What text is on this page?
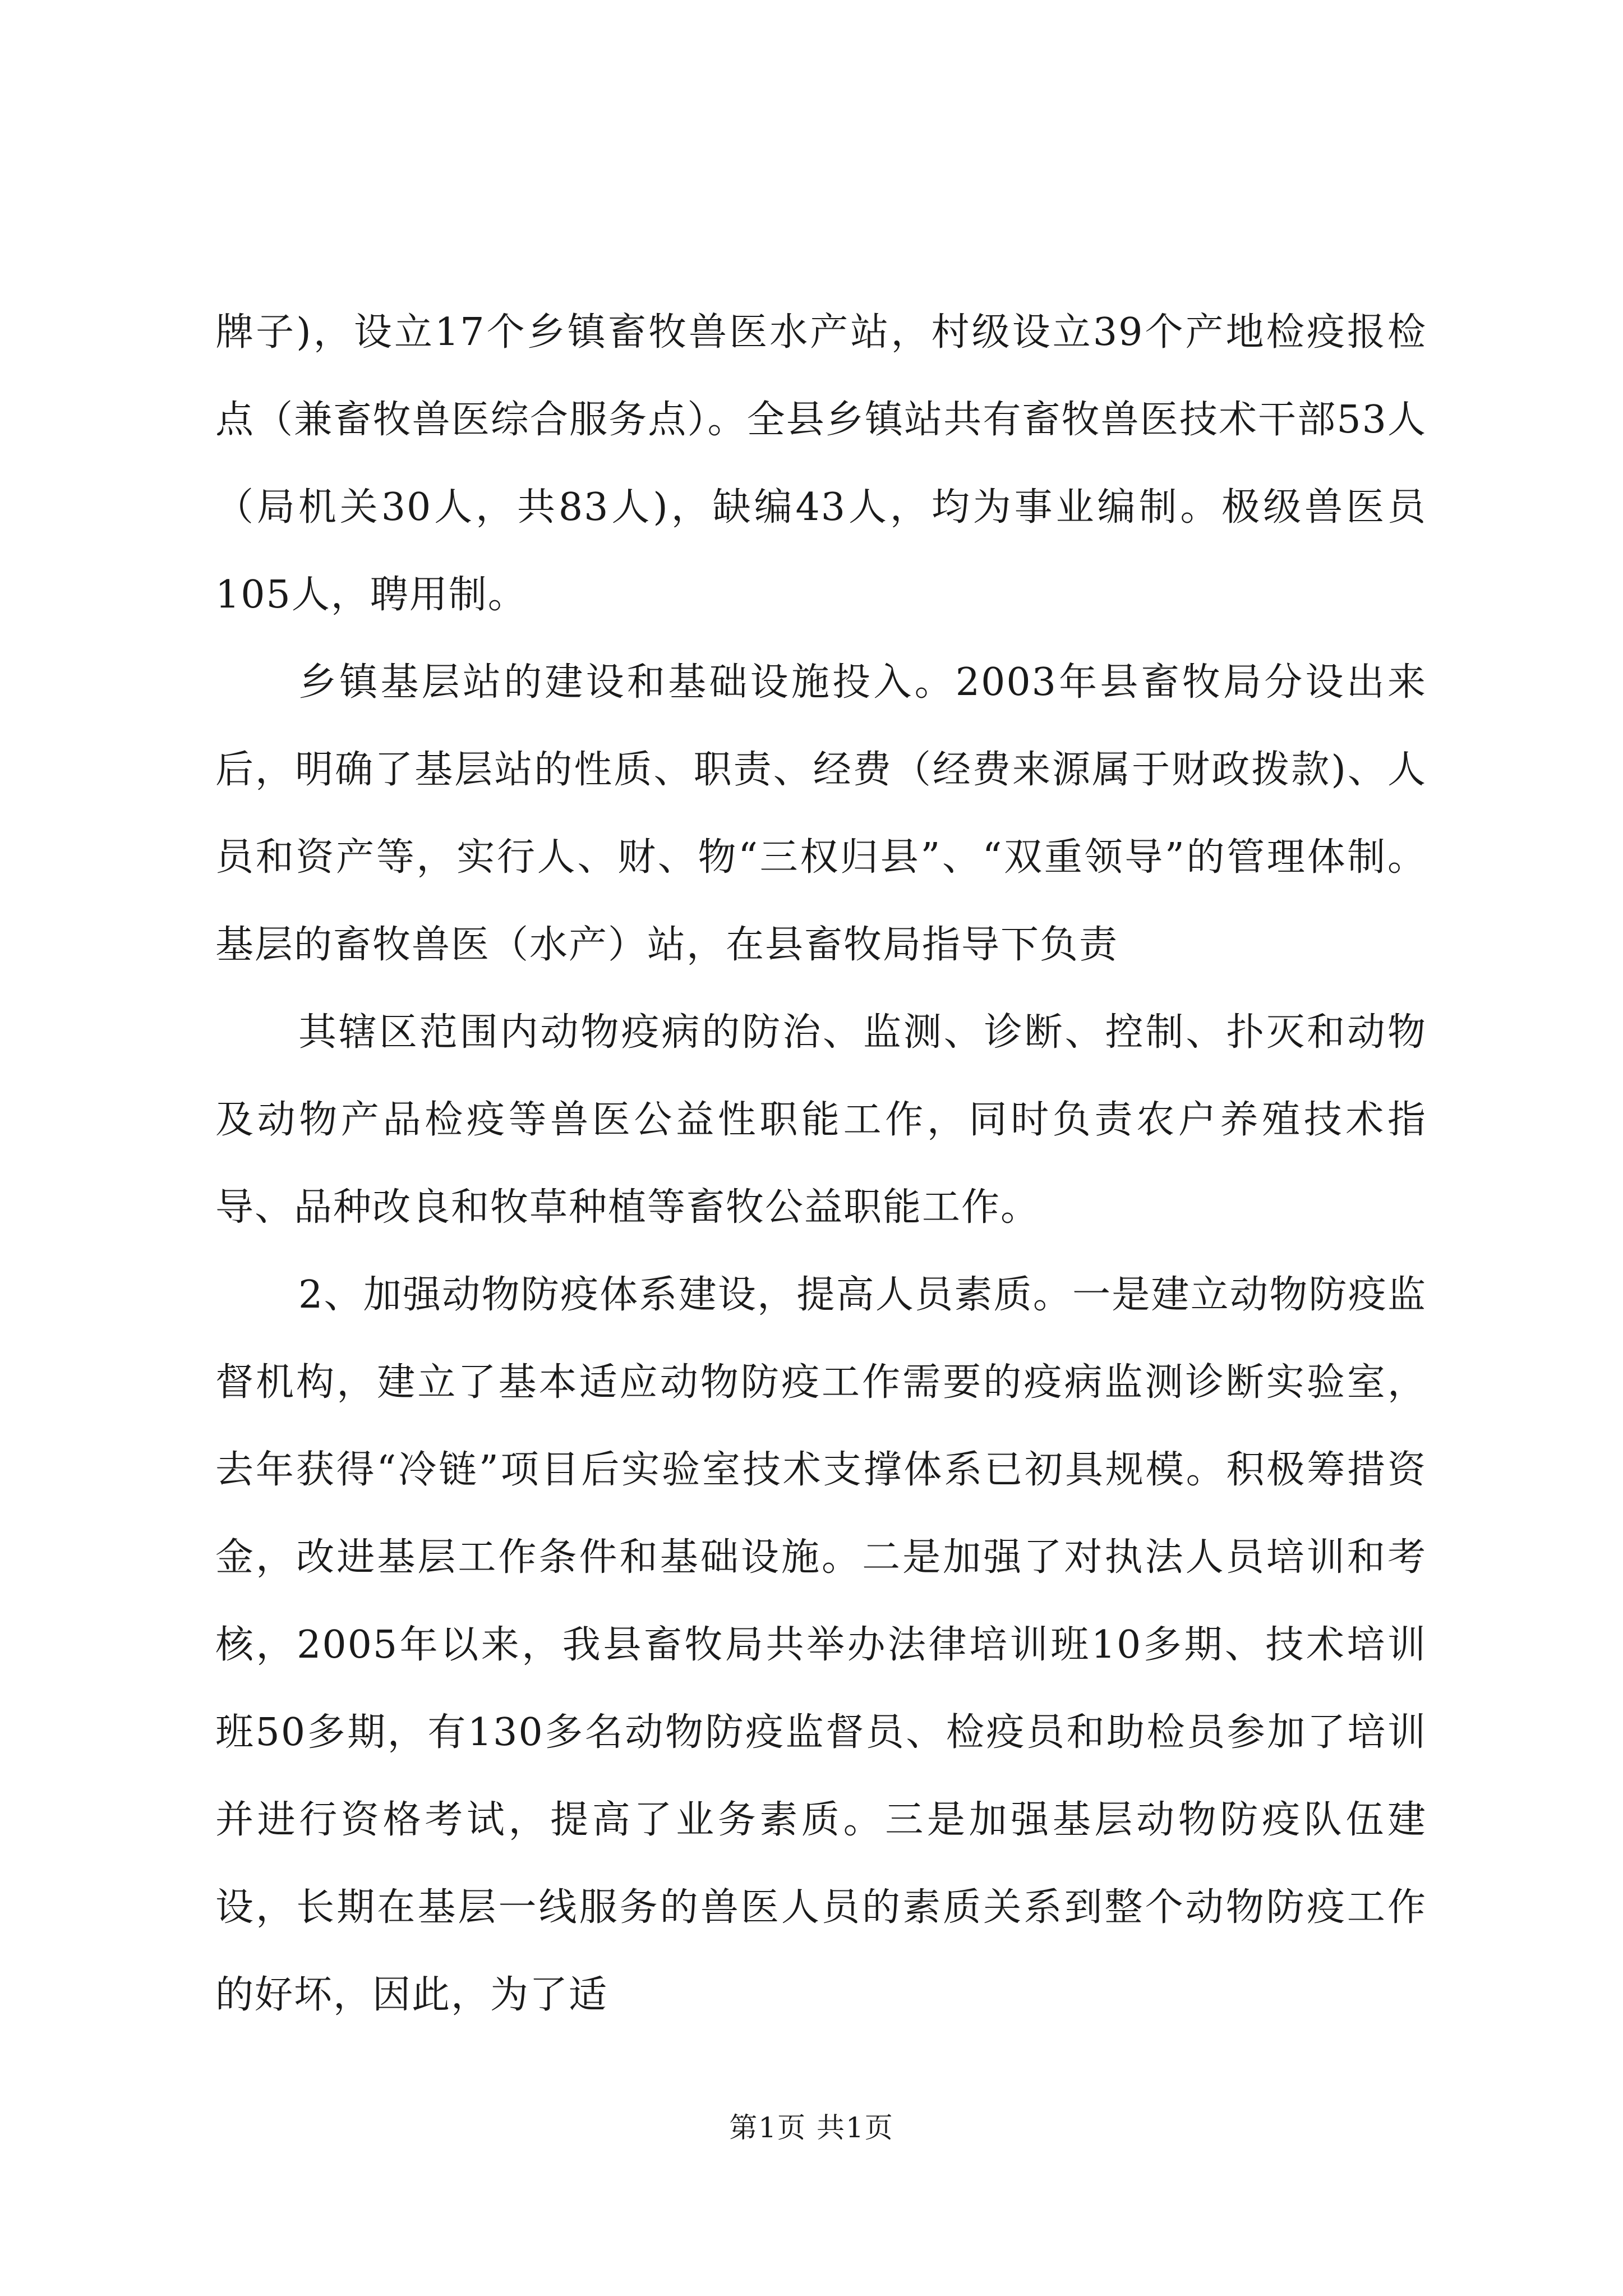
牌子)，设立17个乡镇畜牧兽医水产站，村级设立39个产地检疫报检点（兼畜牧兽医综合服务点）。全县乡镇站共有畜牧兽医技术干部53人（局机关30人，共83人)，缺编43人，均为事业编制。极级兽医员105人，聘用制。

乡镇基层站的建设和基础设施投入。2003年县畜牧局分设出来后，明确了基层站的性质、职责、经费（经费来源属于财政拨款)、人员和资产等，实行人、财、物“三权归县”、“双重领导”的管理体制。基层的畜牧兽医（水产）站，在县畜牧局指导下负责

其辖区范围内动物疫病的防治、监测、诊断、控制、扑灭和动物及动物产品检疫等兽医公益性职能工作，同时负责农户养殖技术指导、品种改良和牧草种植等畜牧公益职能工作。

2、加强动物防疫体系建设，提高人员素质。一是建立动物防疫监督机构，建立了基本适应动物防疫工作需要的疫病监测诊断实验室，去年获得“冷链”项目后实验室技术支撑体系已初具规模。积极筹措资金，改进基层工作条件和基础设施。二是加强了对执法人员培训和考核，2005年以来，我县畜牧局共举办法律培训班10多期、技术培训班50多期，有130多名动物防疫监督员、检疫员和助检员参加了培训并进行资格考试，提高了业务素质。三是加强基层动物防疫队伍建设，长期在基层一线服务的兽医人员的素质关系到整个动物防疫工作的好坏，因此，为了适

第1页 共1页
